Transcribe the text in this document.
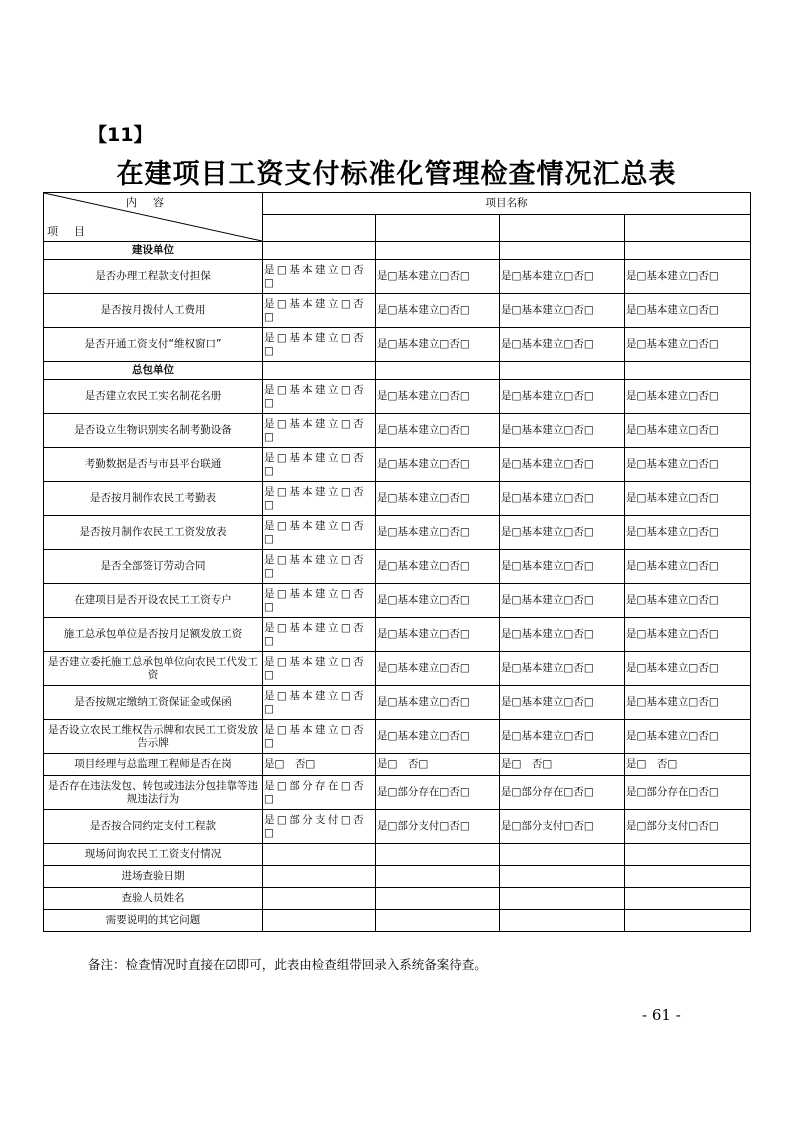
【11】
在建项目工资支付标准化管理检查情况汇总表
内容
项目	项目名称			

建设单位				
是否办理工程款支付担保	是□基本建立□否□	是□基本建立□否□	是□基本建立□否□	是□基本建立□否□
是否按月拨付人工费用	是□基本建立□否□	是□基本建立□否□	是□基本建立□否□	是□基本建立□否□
是否开通工资支付“维权窗口”	是□基本建立□否□	是□基本建立□否□	是□基本建立□否□	是□基本建立□否□
总包单位				
是否建立农民工实名制花名册	是□基本建立□否□	是□基本建立□否□	是□基本建立□否□	是□基本建立□否□
是否设立生物识别实名制考勤设备	是□基本建立□否□	是□基本建立□否□	是□基本建立□否□	是□基本建立□否□
考勤数据是否与市县平台联通	是□基本建立□否□	是□基本建立□否□	是□基本建立□否□	是□基本建立□否□
是否按月制作农民工考勤表	是□基本建立□否□	是□基本建立□否□	是□基本建立□否□	是□基本建立□否□
是否按月制作农民工工资发放表	是□基本建立□否□	是□基本建立□否□	是□基本建立□否□	是□基本建立□否□
是否全部签订劳动合同	是□基本建立□否□	是□基本建立□否□	是□基本建立□否□	是□基本建立□否□
在建项目是否开设农民工工资专户	是□基本建立□否□	是□基本建立□否□	是□基本建立□否□	是□基本建立□否□
施工总承包单位是否按月足额发放工资	是□基本建立□否□	是□基本建立□否□	是□基本建立□否□	是□基本建立□否□
是否建立委托施工总承包单位向农民工代发工资	是□基本建立□否□	是□基本建立□否□	是□基本建立□否□	是□基本建立□否□
是否按规定缴纳工资保证金或保函	是□基本建立□否□	是□基本建立□否□	是□基本建立□否□	是□基本建立□否□
是否设立农民工维权告示牌和农民工工资发放告示牌	是□基本建立□否□	是□基本建立□否□	是□基本建立□否□	是□基本建立□否□
项目经理与总监理工程师是否在岗	是□　否□	是□　否□	是□　否□	是□　否□
是否存在违法发包、转包或违法分包挂靠等违规违法行为	是□部分存在□否□	是□部分存在□否□	是□部分存在□否□	是□部分存在□否□
是否按合同约定支付工程款	是□部分支付□否□	是□部分支付□否□	是□部分支付□否□	是□部分支付□否□
现场问询农民工工资支付情况				
进场查验日期				
查验人员姓名				
需要说明的其它问题				
备注：检查情况时直接在☑即可，此表由检查组带回录入系统备案待查。
- 61 -
